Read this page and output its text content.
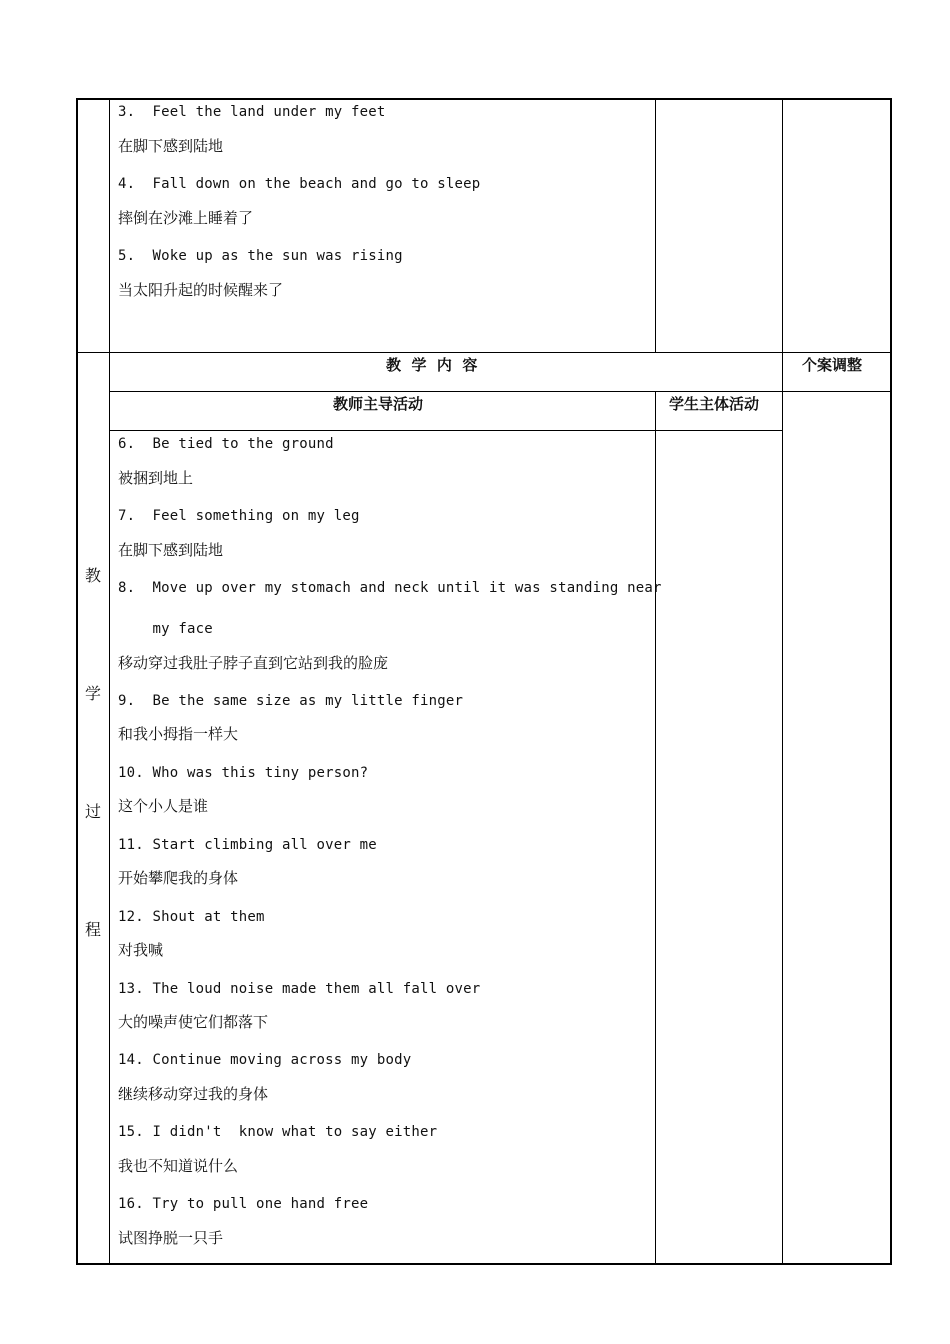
3.  Feel the land under my feet
在脚下感到陆地
4.  Fall down on the beach and go to sleep
摔倒在沙滩上睡着了
5.  Woke up as the sun was rising
当太阳升起的时候醒来了
教  学  内  容	个案调整
教师主导活动	学生主体活动
教
学
过
程
6.  Be tied to the ground
被捆到地上
7.  Feel something on my leg
在脚下感到陆地
8.  Move up over my stomach and neck until it was standing near
my face
移动穿过我肚子脖子直到它站到我的脸庞
9.  Be the same size as my little finger
和我小拇指一样大
10. Who was this tiny person?
这个小人是谁
11. Start climbing all over me
开始攀爬我的身体
12. Shout at them
对我喊
13. The loud noise made them all fall over
大的噪声使它们都落下
14. Continue moving across my body
继续移动穿过我的身体
15. I didn't  know what to say either
我也不知道说什么
16. Try to pull one hand free
试图挣脱一只手
